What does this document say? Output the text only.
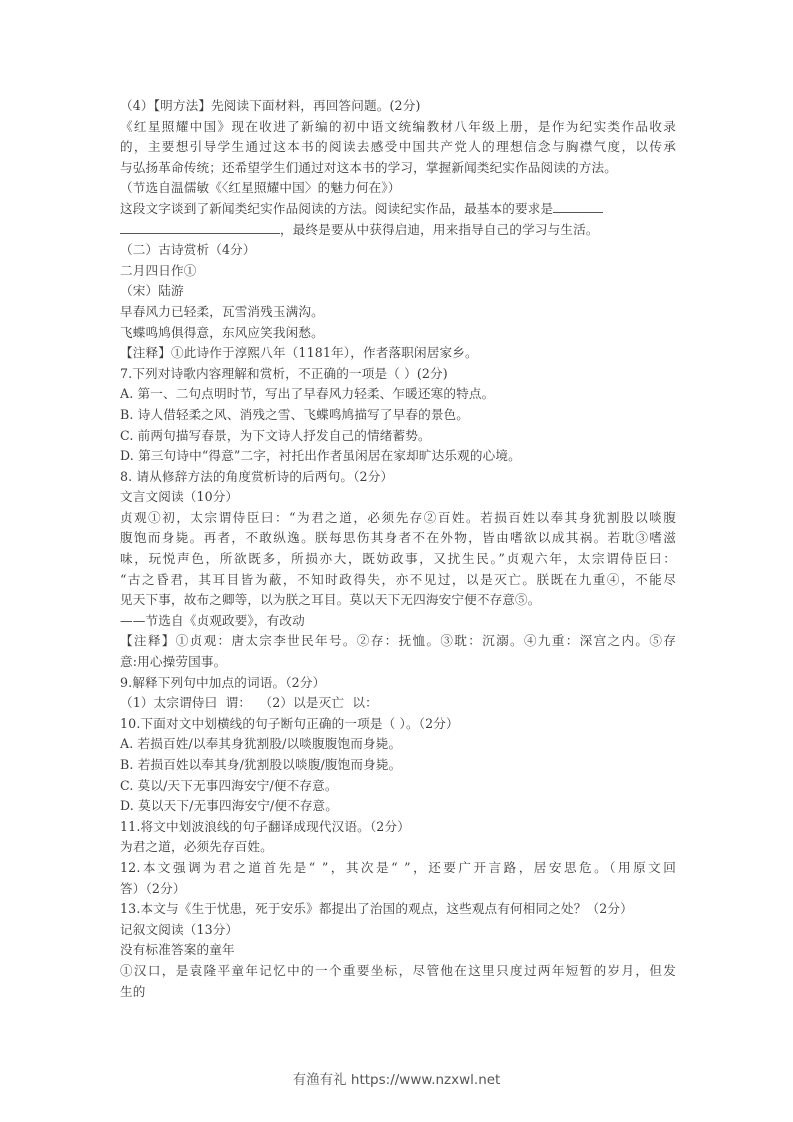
（4）【明方法】先阅读下面材料，再回答问题。(2分)
《红星照耀中国》现在收进了新编的初中语文统编教材八年级上册，是作为纪实类作品收录
的，主要想引导学生通过这本书的阅读去感受中国共产党人的理想信念与胸襟气度，以传承
与弘扬革命传统；还希望学生们通过对这本书的学习，掌握新闻类纪实作品阅读的方法。
（节选自温儒敏《〈红星照耀中国〉的魅力何在》）
这段文字谈到了新闻类纪实作品阅读的方法。阅读纪实作品，最基本的要求是
，最终是要从中获得启迪，用来指导自己的学习与生活。
（二）古诗赏析（4分）
二月四日作①
（宋）陆游
早春风力已轻柔，瓦雪消残玉满沟。
飞蝶鸣鸠俱得意，东风应笑我闲愁。
【注释】①此诗作于淳熙八年（1181年），作者落职闲居家乡。
7.下列对诗歌内容理解和赏析，不正确的一项是（ ）(2分)
A. 第一、二句点明时节，写出了早春风力轻柔、乍暖还寒的特点。
B. 诗人借轻柔之风、消残之雪、飞蝶鸣鸠描写了早春的景色。
C. 前两句描写春景，为下文诗人抒发自己的情绪蓄势。
D. 第三句诗中“得意”二字，衬托出作者虽闲居在家却旷达乐观的心境。
8. 请从修辞方法的角度赏析诗的后两句。（2分）
文言文阅读（10分）
贞观①初，太宗谓侍臣曰：“为君之道，必须先存②百姓。若损百姓以奉其身犹割股以啖腹
腹饱而身毙。再者，不敢纵逸。朕每思伤其身者不在外物，皆由嗜欲以成其祸。若耽③嗜滋
味，玩悦声色，所欲既多，所损亦大，既妨政事，又扰生民。”贞观六年，太宗谓侍臣曰：
“古之昏君，其耳目皆为蔽，不知时政得失，亦不见过，以是灭亡。朕既在九重④，不能尽
见天下事，故布之卿等，以为朕之耳目。莫以天下无四海安宁便不存意⑤。
——节选自《贞观政要》，有改动
【注释】①贞观：唐太宗李世民年号。②存：抚恤。③耽：沉溺。④九重：深宫之内。⑤存
意:用心操劳国事。
9.解释下列句中加点的词语。（2分）
（1）太宗谓侍曰  谓：  （2）以是灭亡  以：
10.下面对文中划横线的句子断句正确的一项是（ ）。（2分）
A. 若损百姓/以奉其身犹割股/以啖腹腹饱而身毙。
B. 若损百姓以奉其身/犹割股以啖腹/腹饱而身毙。
C. 莫以/天下无事四海安宁/便不存意。
D. 莫以天下/无事四海安宁/便不存意。
11.将文中划波浪线的句子翻译成现代汉语。（2分）
为君之道，必须先存百姓。
12.本文强调为君之道首先是“ ”，其次是“ ”，还要广开言路，居安思危。（用原文回
答）（2分）
13.本文与《生于忧患，死于安乐》都提出了治国的观点，这些观点有何相同之处？（2分）
记叙文阅读（13分）
没有标准答案的童年
①汉口，是袁隆平童年记忆中的一个重要坐标，尽管他在这里只度过两年短暂的岁月，但发
生的
有渔有礼 https://www.nzxwl.net
